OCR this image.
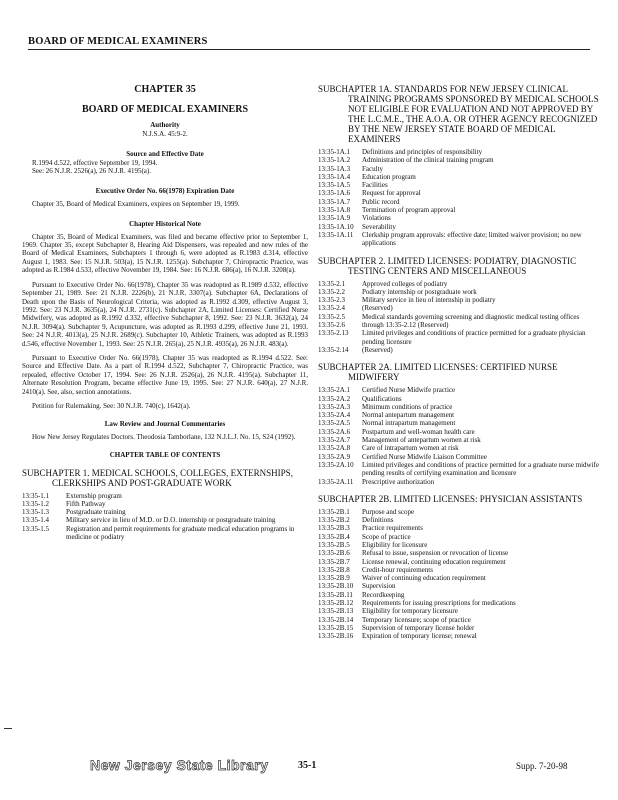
BOARD OF MEDICAL EXAMINERS
CHAPTER 35
BOARD OF MEDICAL EXAMINERS
Authority
N.J.S.A. 45:9-2.
Source and Effective Date
R.1994 d.522, effective September 19, 1994.
See: 26 N.J.R. 2526(a), 26 N.J.R. 4195(a).
Executive Order No. 66(1978) Expiration Date

Chapter 35, Board of Medical Examiners, expires on September 19, 1999.

Chapter Historical Note

Chapter 35, Board of Medical Examiners, was filed and became effective prior to September 1, 1969. Chapter 35, except Subchapter 8, Hearing Aid Dispensers, was repealed and new rules of the Board of Medical Examiners, Subchapters 1 through 6, were adopted as R.1983 d.314, effective August 1, 1983. See: 15 N.J.R. 503(a), 15 N.J.R. 1255(a). Subchapter 7, Chiropractic Practice, was adopted as R.1984 d.533, effective November 19, 1984. See: 16 N.J.R. 686(a), 16 N.J.R. 3208(a).

Pursuant to Executive Order No. 66(1978), Chapter 35 was readopted as R.1989 d.532, effective September 21, 1989. See: 21 N.J.R. 2226(b), 21 N.J.R. 3307(a). Subchapter 6A, Declarations of Death upon the Basis of Neurological Criteria, was adopted as R.1992 d.309, effective August 3, 1992. See: 23 N.J.R. 3635(a), 24 N.J.R. 2731(c). Subchapter 2A, Limited Licenses: Certified Nurse Midwifery, was adopted as R.1992 d.332, effective Subchapter 8, 1992. See: 23 N.J.R. 3632(a), 24 N.J.R. 3094(a). Subchapter 9, Acupuncture, was adopted as R.1993 d.299, effective June 21, 1993. See: 24 N.J.R. 4013(a), 25 N.J.R. 2689(c). Subchapter 10, Athletic Trainers, was adopted as R.1993 d.546, effective November 1, 1993. See: 25 N.J.R. 265(a), 25 N.J.R. 4935(a), 26 N.J.R. 483(a).

Pursuant to Executive Order No. 66(1978), Chapter 35 was readopted as R.1994 d.522. See: Source and Effective Date. As a part of R.1994 d.522, Subchapter 7, Chiropractic Practice, was repealed, effective October 17, 1994. See: 26 N.J.R. 2526(a), 26 N.J.R. 4195(a). Subchapter 11, Alternate Resolution Program, became effective June 19, 1995. See: 27 N.J.R. 640(a), 27 N.J.R. 2410(a). See, also, section annotations.

Petition for Rulemaking. See: 30 N.J.R. 740(c), 1642(a).

Law Review and Journal Commentaries

How New Jersey Regulates Doctors. Theodosia Tamborlane, 132 N.J.L.J. No. 15, S24 (1992).

CHAPTER TABLE OF CONTENTS
SUBCHAPTER 1. MEDICAL SCHOOLS, COLLEGES, EXTERNSHIPS, CLERKSHIPS AND POST-GRADUATE WORK
13:35-1.1	Externship program
13:35-1.2	Fifth Pathway
13:35-1.3	Postgraduate training
13:35-1.4	Military service in lieu of M.D. or D.O. internship or postgraduate training
13:35-1.5	Registration and permit requirements for graduate medical education programs in medicine or podiatry
SUBCHAPTER 1A. STANDARDS FOR NEW JERSEY CLINICAL TRAINING PROGRAMS SPONSORED BY MEDICAL SCHOOLS NOT ELIGIBLE FOR EVALUATION AND NOT APPROVED BY THE L.C.M.E., THE A.O.A. OR OTHER AGENCY RECOGNIZED BY THE NEW JERSEY STATE BOARD OF MEDICAL EXAMINERS
13:35-1A.1	Definitions and principles of responsibility
13:35-1A.2	Administration of the clinical training program
13:35-1A.3	Faculty
13:35-1A.4	Education program
13:35-1A.5	Facilities
13:35-1A.6	Request for approval
13:35-1A.7	Public record
13:35-1A.8	Termination of program approval
13:35-1A.9	Violations
13:35-1A.10	Severability
13:35-1A.11	Clerkship program approvals: effective date; limited waiver provision; no new applications
SUBCHAPTER 2. LIMITED LICENSES: PODIATRY, DIAGNOSTIC TESTING CENTERS AND MISCELLANEOUS
13:35-2.1	Approved colleges of podiatry
13:35-2.2	Podiatry internship or postgraduate work
13:35-2.3	Military service in lieu of internship in podiatry
13:35-2.4	(Reserved)
13:35-2.5	Medical standards governing screening and diagnostic medical testing offices
13:35-2.6	through 13:35-2.12 (Reserved)
13:35-2.13	Limited privileges and conditions of practice permitted for a graduate physician pending licensure
13:35-2.14	(Reserved)
SUBCHAPTER 2A. LIMITED LICENSES: CERTIFIED NURSE MIDWIFERY
13:35-2A.1	Certified Nurse Midwife practice
13:35-2A.2	Qualifications
13:35-2A.3	Minimum conditions of practice
13:35-2A.4	Normal antepartum management
13:35-2A.5	Normal intrapartum management
13:35-2A.6	Postpartum and well-woman health care
13:35-2A.7	Management of antepartum women at risk
13:35-2A.8	Care of intrapartum women at risk
13:35-2A.9	Certified Nurse Midwife Liaison Committee
13:35-2A.10	Limited privileges and conditions of practice permitted for a graduate nurse midwife pending results of certifying examination and licensure
13:35-2A.11	Prescriptive authorization
SUBCHAPTER 2B. LIMITED LICENSES: PHYSICIAN ASSISTANTS
13:35-2B.1	Purpose and scope
13:35-2B.2	Definitions
13:35-2B.3	Practice requirements
13:35-2B.4	Scope of practice
13:35-2B.5	Eligibility for licensure
13:35-2B.6	Refusal to issue, suspension or revocation of license
13:35-2B.7	License renewal, continuing education requirement
13:35-2B.8	Credit-hour requirements
13:35-2B.9	Waiver of continuing education requirement
13:35-2B.10	Supervision
13:35-2B.11	Recordkeeping
13:35-2B.12	Requirements for issuing prescriptions for medications
13:35-2B.13	Eligibility for temporary licensure
13:35-2B.14	Temporary licensure; scope of practice
13:35-2B.15	Supervision of temporary license holder
13:35-2B.16	Expiration of temporary license; renewal
New Jersey State Library	35-1	Supp. 7-20-98
